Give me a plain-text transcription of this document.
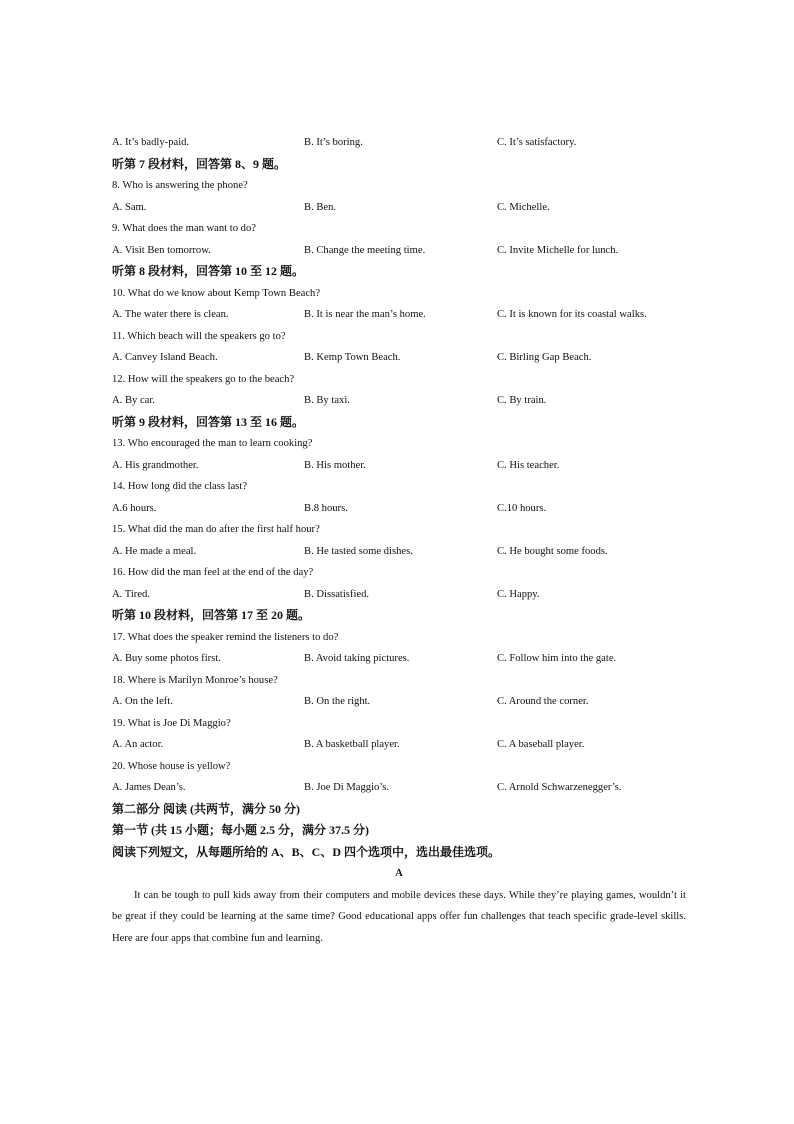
A. It’s badly-paid.	B. It’s boring.	C. It’s satisfactory.
听第 7 段材料，回答第 8、9 题。
8. Who is answering the phone?
A. Sam.	B. Ben.	C. Michelle.
9. What does the man want to do?
A. Visit Ben tomorrow.	B. Change the meeting time.	C. Invite Michelle for lunch.
听第 8 段材料，回答第 10 至 12 题。
10. What do we know about Kemp Town Beach?
A. The water there is clean.	B. It is near the man’s home.	C. It is known for its coastal walks.
11. Which beach will the speakers go to?
A. Canvey Island Beach.	B. Kemp Town Beach.	C. Birling Gap Beach.
12. How will the speakers go to the beach?
A. By car.	B. By taxi.	C. By train.
听第 9 段材料，回答第 13 至 16 题。
13. Who encouraged the man to learn cooking?
A. His grandmother.	B. His mother.	C. His teacher.
14. How long did the class last?
A.6 hours.	B.8 hours.	C.10 hours.
15. What did the man do after the first half hour?
A. He made a meal.	B. He tasted some dishes.	C. He bought some foods.
16. How did the man feel at the end of the day?
A. Tired.	B. Dissatisfied.	C. Happy.
听第 10 段材料，回答第 17 至 20 题。
17. What does the speaker remind the listeners to do?
A. Buy some photos first.	B. Avoid taking pictures.	C. Follow him into the gate.
18. Where is Marilyn Monroe’s house?
A. On the left.	B. On the right.	C. Around the corner.
19. What is Joe Di Maggio?
A. An actor.	B. A basketball player.	C. A baseball player.
20. Whose house is yellow?
A. James Dean’s.	B. Joe Di Maggio’s.	C. Arnold Schwarzenegger’s.
第二部分 阅读 (共两节，满分 50 分)
第一节 (共 15 小题；每小题 2.5 分，满分 37.5 分)
阅读下列短文，从每题所给的 A、B、C、D 四个选项中，选出最佳选项。
A

It can be tough to pull kids away from their computers and mobile devices these days. While they’re playing games, wouldn’t it be great if they could be learning at the same time? Good educational apps offer fun challenges that teach specific grade-level skills. Here are four apps that combine fun and learning.
